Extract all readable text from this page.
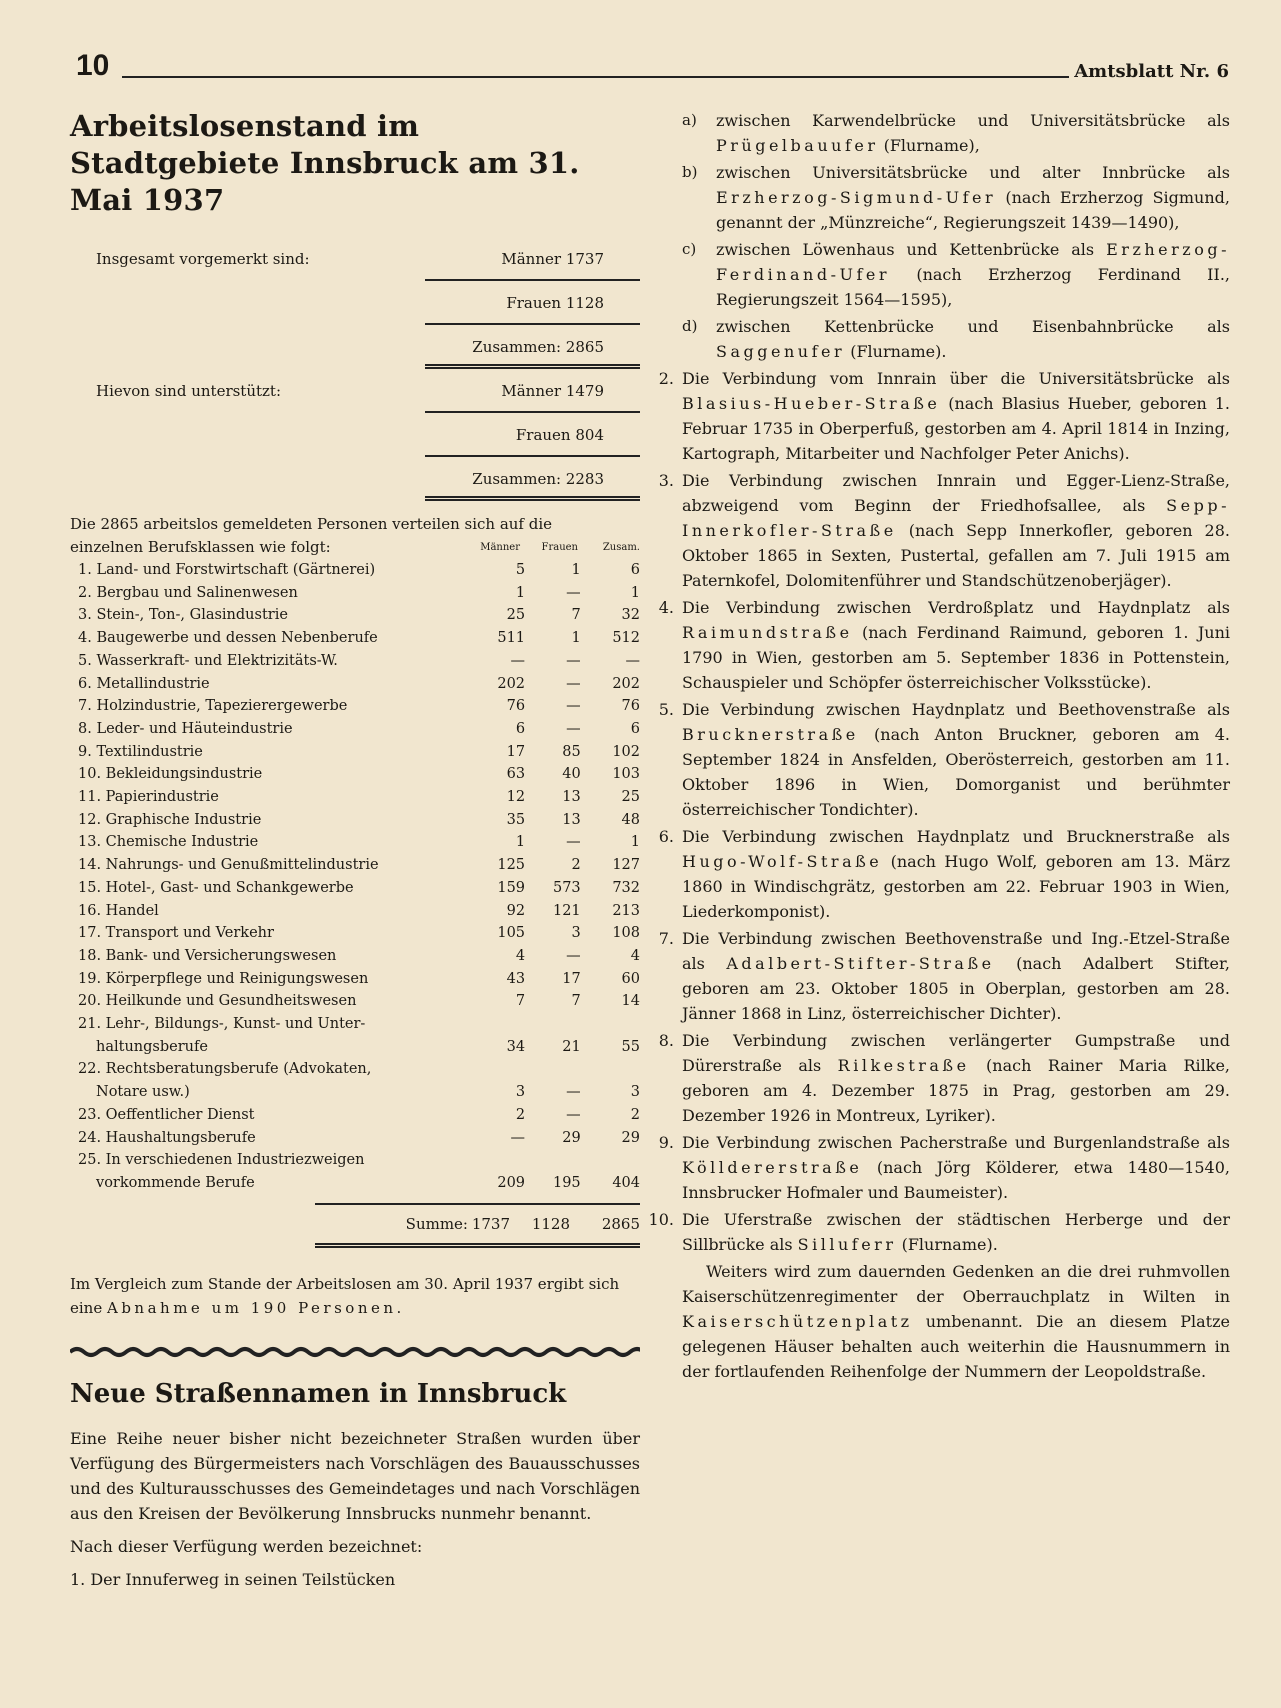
10	Amtsblatt Nr. 6
Arbeitslosenstand im
Stadtgebiete Innsbruck am 31. Mai 1937
Insgesamt vorgemerkt sind:	Männer 1737
Frauen 1128
Zusammen: 2865
Hievon sind unterstützt:	Männer 1479
Frauen 804
Zusammen: 2283
Die 2865 arbeitslos gemeldeten Personen verteilen sich auf die
einzelnen Berufsklassen wie folgt:	Männer	Frauen	Zusam.
1. Land- und Forstwirtschaft (Gärtnerei)	5	1	6
2. Bergbau und Salinenwesen	1	—	1
3. Stein-, Ton-, Glasindustrie	25	7	32
4. Baugewerbe und dessen Nebenberufe	511	1	512
5. Wasserkraft- und Elektrizitäts-W.	—	—	—
6. Metallindustrie	202	—	202
7. Holzindustrie, Tapezierergewerbe	76	—	76
8. Leder- und Häuteindustrie	6	—	6
9. Textilindustrie	17	85	102
10. Bekleidungsindustrie	63	40	103
11. Papierindustrie	12	13	25
12. Graphische Industrie	35	13	48
13. Chemische Industrie	1	—	1
14. Nahrungs- und Genußmittelindustrie	125	2	127
15. Hotel-, Gast- und Schankgewerbe	159	573	732
16. Handel	92	121	213
17. Transport und Verkehr	105	3	108
18. Bank- und Versicherungswesen	4	—	4
19. Körperpflege und Reinigungswesen	43	17	60
20. Heilkunde und Gesundheitswesen	7	7	14
21. Lehr-, Bildungs-, Kunst- und Unter-			
haltungsberufe	34	21	55
22. Rechtsberatungsberufe (Advokaten,			
Notare usw.)	3	—	3
23. Oeffentlicher Dienst	2	—	2
24. Haushaltungsberufe	—	29	29
25. In verschiedenen Industriezweigen			
vorkommende Berufe	209	195	404
Summe: 1737	1128	2865
Im Vergleich zum Stande der Arbeitslosen am 30. April 1937 ergibt sich eine Abnahme um 190 Personen.
Neue Straßennamen in Innsbruck

Eine Reihe neuer bisher nicht bezeichneter Straßen wurden über Verfügung des Bürgermeisters nach Vorschlägen des Bauausschusses und des Kulturausschusses des Gemeindetages und nach Vorschlägen aus den Kreisen der Bevölkerung Innsbrucks nunmehr benannt.

Nach dieser Verfügung werden bezeichnet:

1. Der Innuferweg in seinen Teilstücken

a)	zwischen Karwendelbrücke und Universitätsbrücke als Prügelbauufer (Flurname),
b)	zwischen Universitätsbrücke und alter Innbrücke als Erzherzog-Sigmund-Ufer (nach Erzherzog Sigmund, genannt der „Münzreiche“, Regierungszeit 1439—1490),
c)	zwischen Löwenhaus und Kettenbrücke als Erzherzog-Ferdinand-Ufer (nach Erzherzog Ferdinand II., Regierungszeit 1564—1595),
d)	zwischen Kettenbrücke und Eisenbahnbrücke als Saggenufer (Flurname).
2. Die Verbindung vom Innrain über die Universitätsbrücke als Blasius-Hueber-Straße (nach Blasius Hueber, geboren 1. Februar 1735 in Oberperfuß, gestorben am 4. April 1814 in Inzing, Kartograph, Mitarbeiter und Nachfolger Peter Anichs).
3. Die Verbindung zwischen Innrain und Egger-Lienz-Straße, abzweigend vom Beginn der Friedhofsallee, als Sepp-Innerkofler-Straße (nach Sepp Innerkofler, geboren 28. Oktober 1865 in Sexten, Pustertal, gefallen am 7. Juli 1915 am Paternkofel, Dolomitenführer und Standschützenoberjäger).
4. Die Verbindung zwischen Verdroßplatz und Haydnplatz als Raimundstraße (nach Ferdinand Raimund, geboren 1. Juni 1790 in Wien, gestorben am 5. September 1836 in Pottenstein, Schauspieler und Schöpfer österreichischer Volksstücke).
5. Die Verbindung zwischen Haydnplatz und Beethovenstraße als Brucknerstraße (nach Anton Bruckner, geboren am 4. September 1824 in Ansfelden, Oberösterreich, gestorben am 11. Oktober 1896 in Wien, Domorganist und berühmter österreichischer Tondichter).
6. Die Verbindung zwischen Haydnplatz und Brucknerstraße als Hugo-Wolf-Straße (nach Hugo Wolf, geboren am 13. März 1860 in Windischgrätz, gestorben am 22. Februar 1903 in Wien, Liederkomponist).
7. Die Verbindung zwischen Beethovenstraße und Ing.-Etzel-Straße als Adalbert-Stifter-Straße (nach Adalbert Stifter, geboren am 23. Oktober 1805 in Oberplan, gestorben am 28. Jänner 1868 in Linz, österreichischer Dichter).
8. Die Verbindung zwischen verlängerter Gumpstraße und Dürerstraße als Rilkestraße (nach Rainer Maria Rilke, geboren am 4. Dezember 1875 in Prag, gestorben am 29. Dezember 1926 in Montreux, Lyriker).
9. Die Verbindung zwischen Pacherstraße und Burgenlandstraße als Kölldererstraße (nach Jörg Kölderer, etwa 1480—1540, Innsbrucker Hofmaler und Baumeister).
10. Die Uferstraße zwischen der städtischen Herberge und der Sillbrücke als Silluferr (Flurname).

Weiters wird zum dauernden Gedenken an die drei ruhmvollen Kaiserschützenregimenter der Oberrauchplatz in Wilten in Kaiserschützenplatz umbenannt. Die an diesem Platze gelegenen Häuser behalten auch weiterhin die Hausnummern in der fortlaufenden Reihenfolge der Nummern der Leopoldstraße.
